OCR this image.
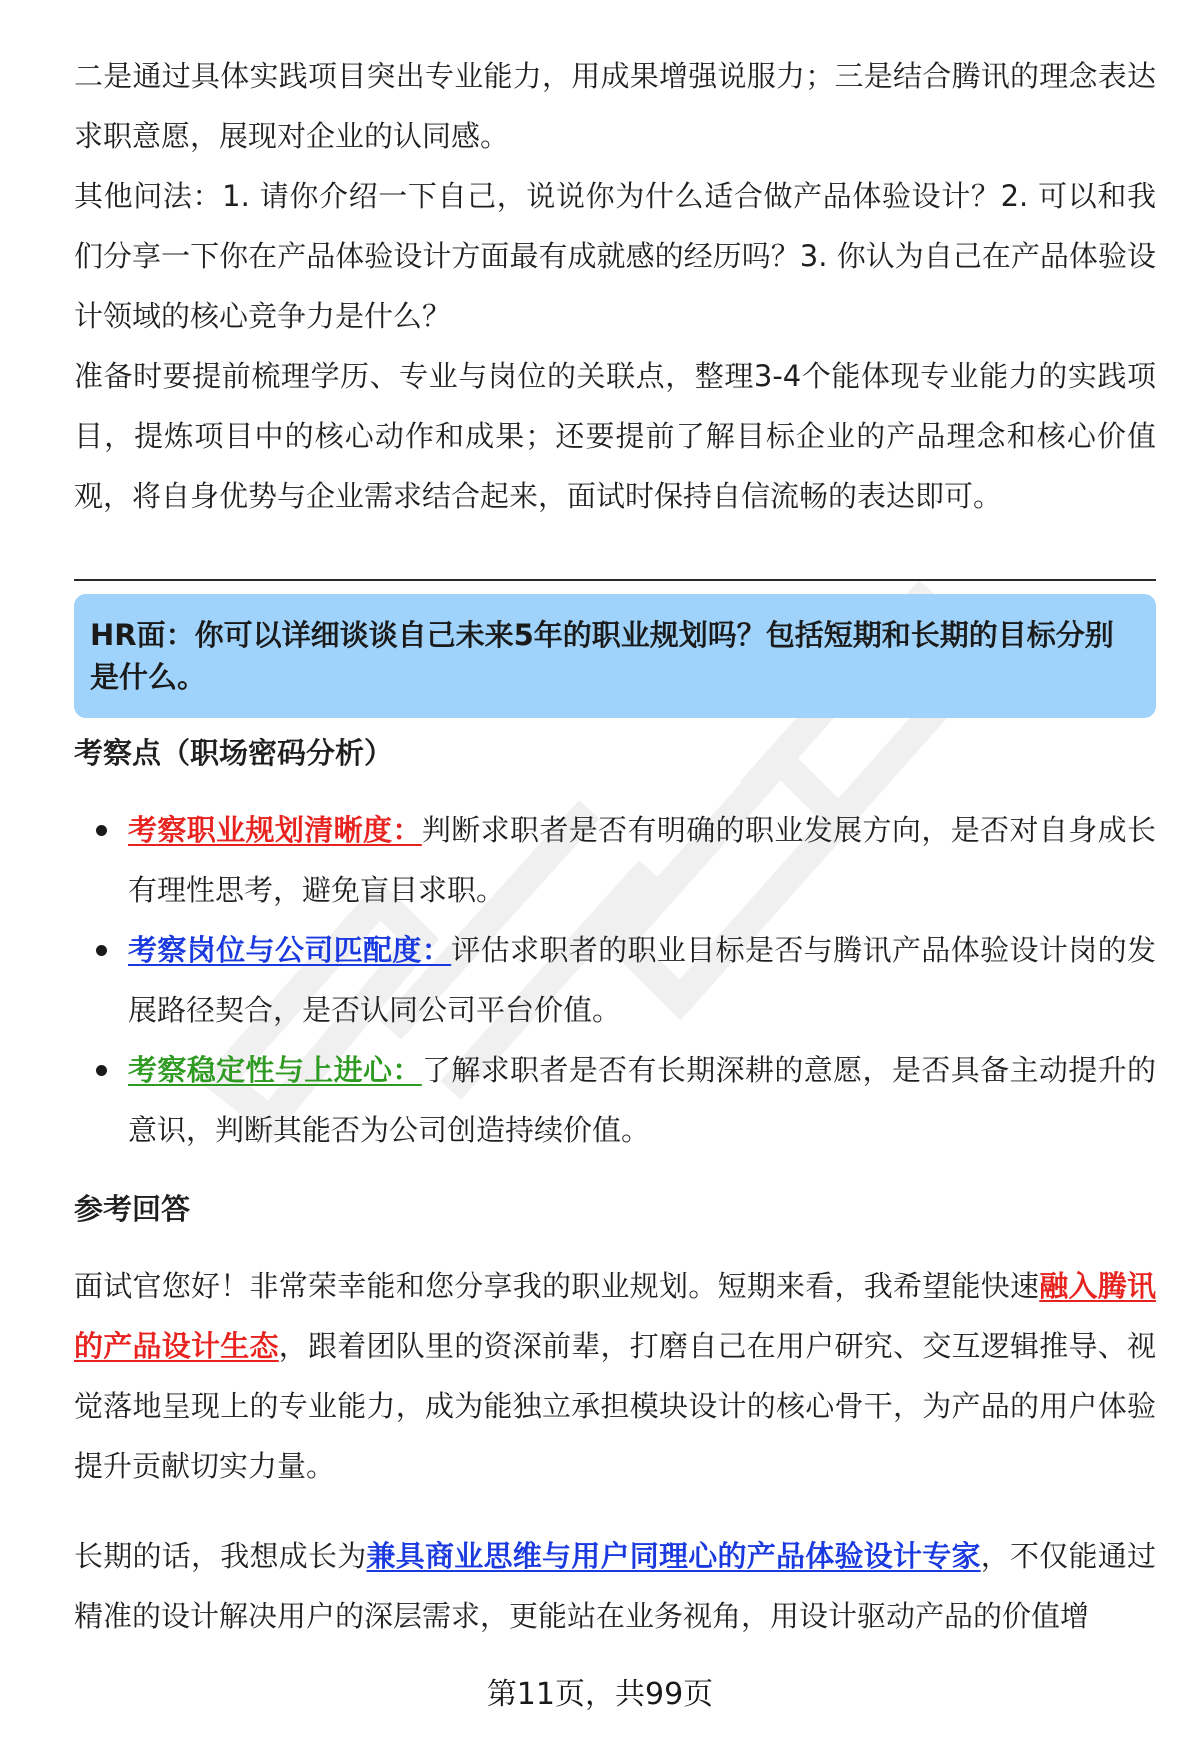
二是通过具体实践项目突出专业能力，用成果增强说服力；三是结合腾讯的理念表达求职意愿，展现对企业的认同感。

其他问法：1. 请你介绍一下自己，说说你为什么适合做产品体验设计？2. 可以和我们分享一下你在产品体验设计方面最有成就感的经历吗？3. 你认为自己在产品体验设计领域的核心竞争力是什么？

准备时要提前梳理学历、专业与岗位的关联点，整理3-4个能体现专业能力的实践项目，提炼项目中的核心动作和成果；还要提前了解目标企业的产品理念和核心价值观，将自身优势与企业需求结合起来，面试时保持自信流畅的表达即可。

HR面：你可以详细谈谈自己未来5年的职业规划吗？包括短期和长期的目标分别是什么。
考察点（职场密码分析）
考察职业规划清晰度：判断求职者是否有明确的职业发展方向，是否对自身成长有理性思考，避免盲目求职。
考察岗位与公司匹配度：评估求职者的职业目标是否与腾讯产品体验设计岗的发展路径契合，是否认同公司平台价值。
考察稳定性与上进心：了解求职者是否有长期深耕的意愿，是否具备主动提升的意识，判断其能否为公司创造持续价值。
参考回答

面试官您好！非常荣幸能和您分享我的职业规划。短期来看，我希望能快速融入腾讯的产品设计生态，跟着团队里的资深前辈，打磨自己在用户研究、交互逻辑推导、视觉落地呈现上的专业能力，成为能独立承担模块设计的核心骨干，为产品的用户体验提升贡献切实力量。

长期的话，我想成长为兼具商业思维与用户同理心的产品体验设计专家，不仅能通过精准的设计解决用户的深层需求，更能站在业务视角，用设计驱动产品的价值增

第11页，共99页
